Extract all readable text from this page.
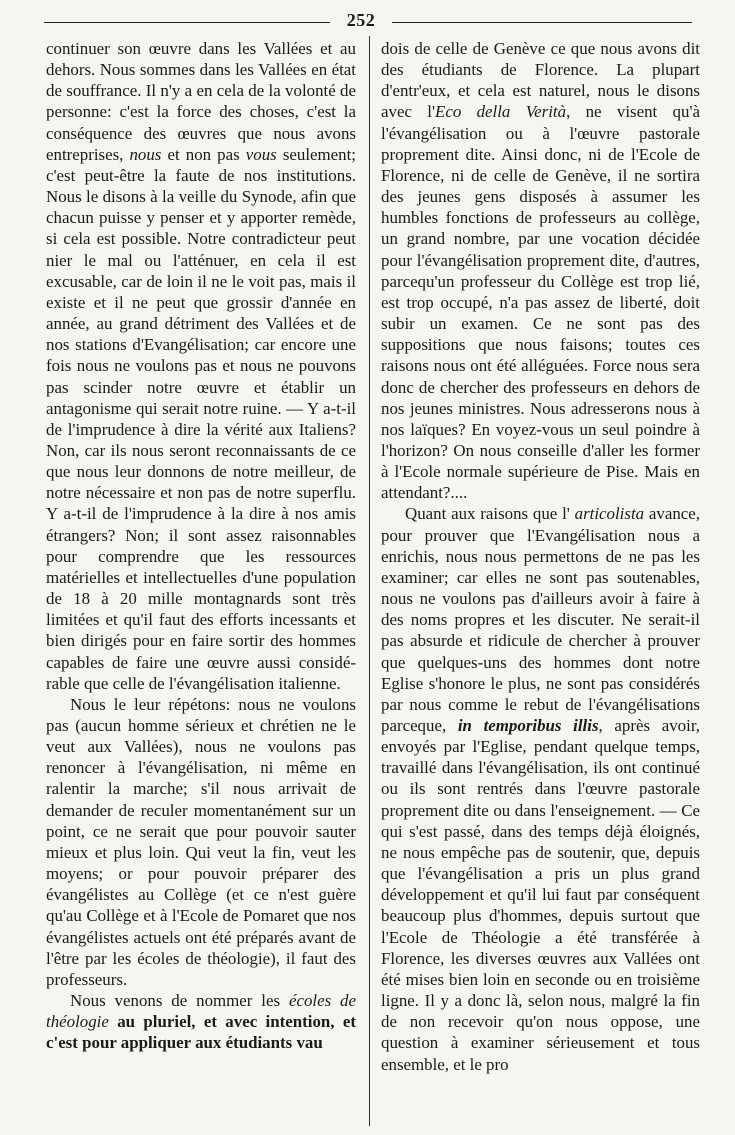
252

continuer son œuvre dans les Vallées et au dehors. Nous sommes dans les Vallées en état de souffrance. Il n'y a en cela de la volonté de personne: c'est la force des choses, c'est la conséquence des œuvres que nous avons entreprises, nous et non pas vous seulement; c'est peut-être la faute de nos institutions. Nous le disons à la veille du Synode, afin que chacun puisse y penser et y apporter remède, si cela est possible. Notre contradicteur peut nier le mal ou l'atténuer, en cela il est excusable, car de loin il ne le voit pas, mais il existe et il ne peut que grossir d'année en année, au grand détriment des Vallées et de nos stations d'Evangélisation; car encore une fois nous ne voulons pas et nous ne pouvons pas scinder notre œuvre et établir un antagonisme qui serait notre ruine. — Y a-t-il de l'imprudence à dire la vérité aux Italiens? Non, car ils nous seront reconnaissants de ce que nous leur donnons de notre meilleur, de notre nécessaire et non pas de notre superflu. Y a-t-il de l'imprudence à la dire à nos amis étrangers? Non; il sont assez raisonnables pour comprendre que les ressources matérielles et intellectuelles d'une population de 18 à 20 mille montagnards sont très limitées et qu'il faut des efforts incessants et bien dirigés pour en faire sortir des hommes capables de faire une œuvre aussi considérable que celle de l'évangélisation italienne.

Nous le leur répétons: nous ne voulons pas (aucun homme sérieux et chrétien ne le veut aux Vallées), nous ne voulons pas renoncer à l'évangélisation, ni même en ralentir la marche; s'il nous arrivait de demander de reculer momentanément sur un point, ce ne serait que pour pouvoir sauter mieux et plus loin. Qui veut la fin, veut les moyens; or pour pouvoir préparer des évangélistes au Collège (et ce n'est guère qu'au Collège et à l'Ecole de Pomaret que nos évangélistes actuels ont été préparés avant de l'être par les écoles de théologie), il faut des professeurs.

Nous venons de nommer les écoles de théologie au pluriel, et avec intention, et c'est pour appliquer aux étudiants vau

dois de celle de Genève ce que nous avons dit des étudiants de Florence. La plupart d'entr'eux, et cela est naturel, nous le disons avec l'Eco della Verità, ne visent qu'à l'évangélisation ou à l'œuvre pastorale proprement dite. Ainsi donc, ni de l'Ecole de Florence, ni de celle de Genève, il ne sortira des jeunes gens disposés à assumer les humbles fonctions de professeurs au collège, un grand nombre, par une vocation décidée pour l'évangélisation proprement dite, d'autres, parcequ'un professeur du Collège est trop lié, est trop occupé, n'a pas assez de liberté, doit subir un examen. Ce ne sont pas des suppositions que nous faisons; toutes ces raisons nous ont été alléguées. Force nous sera donc de chercher des professeurs en dehors de nos jeunes ministres. Nous adresserons nous à nos laïques? En voyez-vous un seul poindre à l'horizon? On nous conseille d'aller les former à l'Ecole normale supérieure de Pise. Mais en attendant?....

Quant aux raisons que l' articolista avance, pour prouver que l'Evangélisation nous a enrichis, nous nous permettons de ne pas les examiner; car elles ne sont pas soutenables, nous ne voulons pas d'ailleurs avoir à faire à des noms propres et les discuter. Ne serait-il pas absurde et ridicule de chercher à prouver que quelques-uns des hommes dont notre Eglise s'honore le plus, ne sont pas considérés par nous comme le rebut de l'évangélisations parceque, in temporibus illis, après avoir, envoyés par l'Eglise, pendant quelque temps, travaillé dans l'évangélisation, ils ont continué ou ils sont rentrés dans l'œuvre pastorale proprement dite ou dans l'enseignement. — Ce qui s'est passé, dans des temps déjà éloignés, ne nous empêche pas de soutenir, que, depuis que l'évangélisation a pris un plus grand développement et qu'il lui faut par conséquent beaucoup plus d'hommes, depuis surtout que l'Ecole de Théologie a été transférée à Florence, les diverses œuvres aux Vallées ont été mises bien loin en seconde ou en troisième ligne. Il y a donc là, selon nous, malgré la fin de non recevoir qu'on nous oppose, une question à examiner sérieusement et tous ensemble, et le pro
